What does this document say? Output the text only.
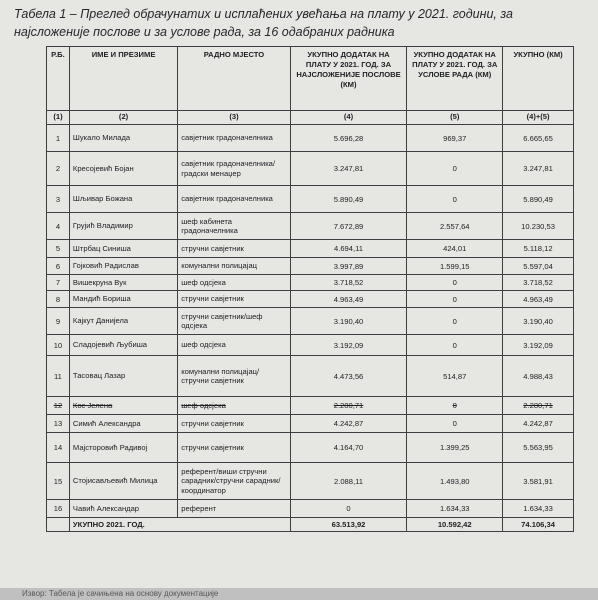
Табела 1 – Преглед обрачунатих и исплаћених увећања на плату у 2021. години, за најсложеније послове и за услове рада, за 16 одабраних радника
Р.Б.	ИМЕ И ПРЕЗИМЕ	РАДНО МЈЕСТО	УКУПНО ДОДАТАК НА ПЛАТУ У 2021. ГОД. ЗА НАЈСЛОЖЕНИЈЕ ПОСЛОВЕ (КМ)	УКУПНО ДОДАТАК НА ПЛАТУ У 2021. ГОД. ЗА УСЛОВЕ РАДА (КМ)	УКУПНО (КМ)
(1)	(2)	(3)	(4)	(5)	(4)+(5)
1	Шукало Милада	савјетник градоначелника	5.696,28	969,37	6.665,65
2	Кресојевић Бојан	савјетник градоначелника/градски менаџер	3.247,81	0	3.247,81
3	Шљивар Божана	савјетник градоначелника	5.890,49	0	5.890,49
4	Грујић Владимир	шеф кабинета градоначелника	7.672,89	2.557,64	10.230,53
5	Штрбац Синиша	стручни савјетник	4.694,11	424,01	5.118,12
6	Гојковић Радислав	комунални полицајац	3.997,89	1.599,15	5.597,04
7	Вишекруна Вук	шеф одсјека	3.718,52	0	3.718,52
8	Мандић Бориша	стручни савјетник	4.963,49	0	4.963,49
9	Кајкут Данијела	стручни савјетник/шеф одсјека	3.190,40	0	3.190,40
10	Сладојевић Љубиша	шеф одсјека	3.192,09	0	3.192,09
11	Тасовац Лазар	комунални полицајац/стручни савјетник	4.473,56	514,87	4.988,43
12	Кос Јелена	шеф одсјека	2.280,71	0	2.280,71
13	Симић Александра	стручни савјетник	4.242,87	0	4.242,87
14	Мајсторовић Радивој	стручни савјетник	4.164,70	1.399,25	5.563,95
15	Стојисављевић Милица	референт/виши стручни сарадник/стручни сарадник/координатор	2.088,11	1.493,80	3.581,91
16	Чавић Александар	референт	0	1.634,33	1.634,33
	УКУПНО 2021. ГОД.		63.513,92	10.592,42	74.106,34
Извор: Табела је сачињена на основу документације
